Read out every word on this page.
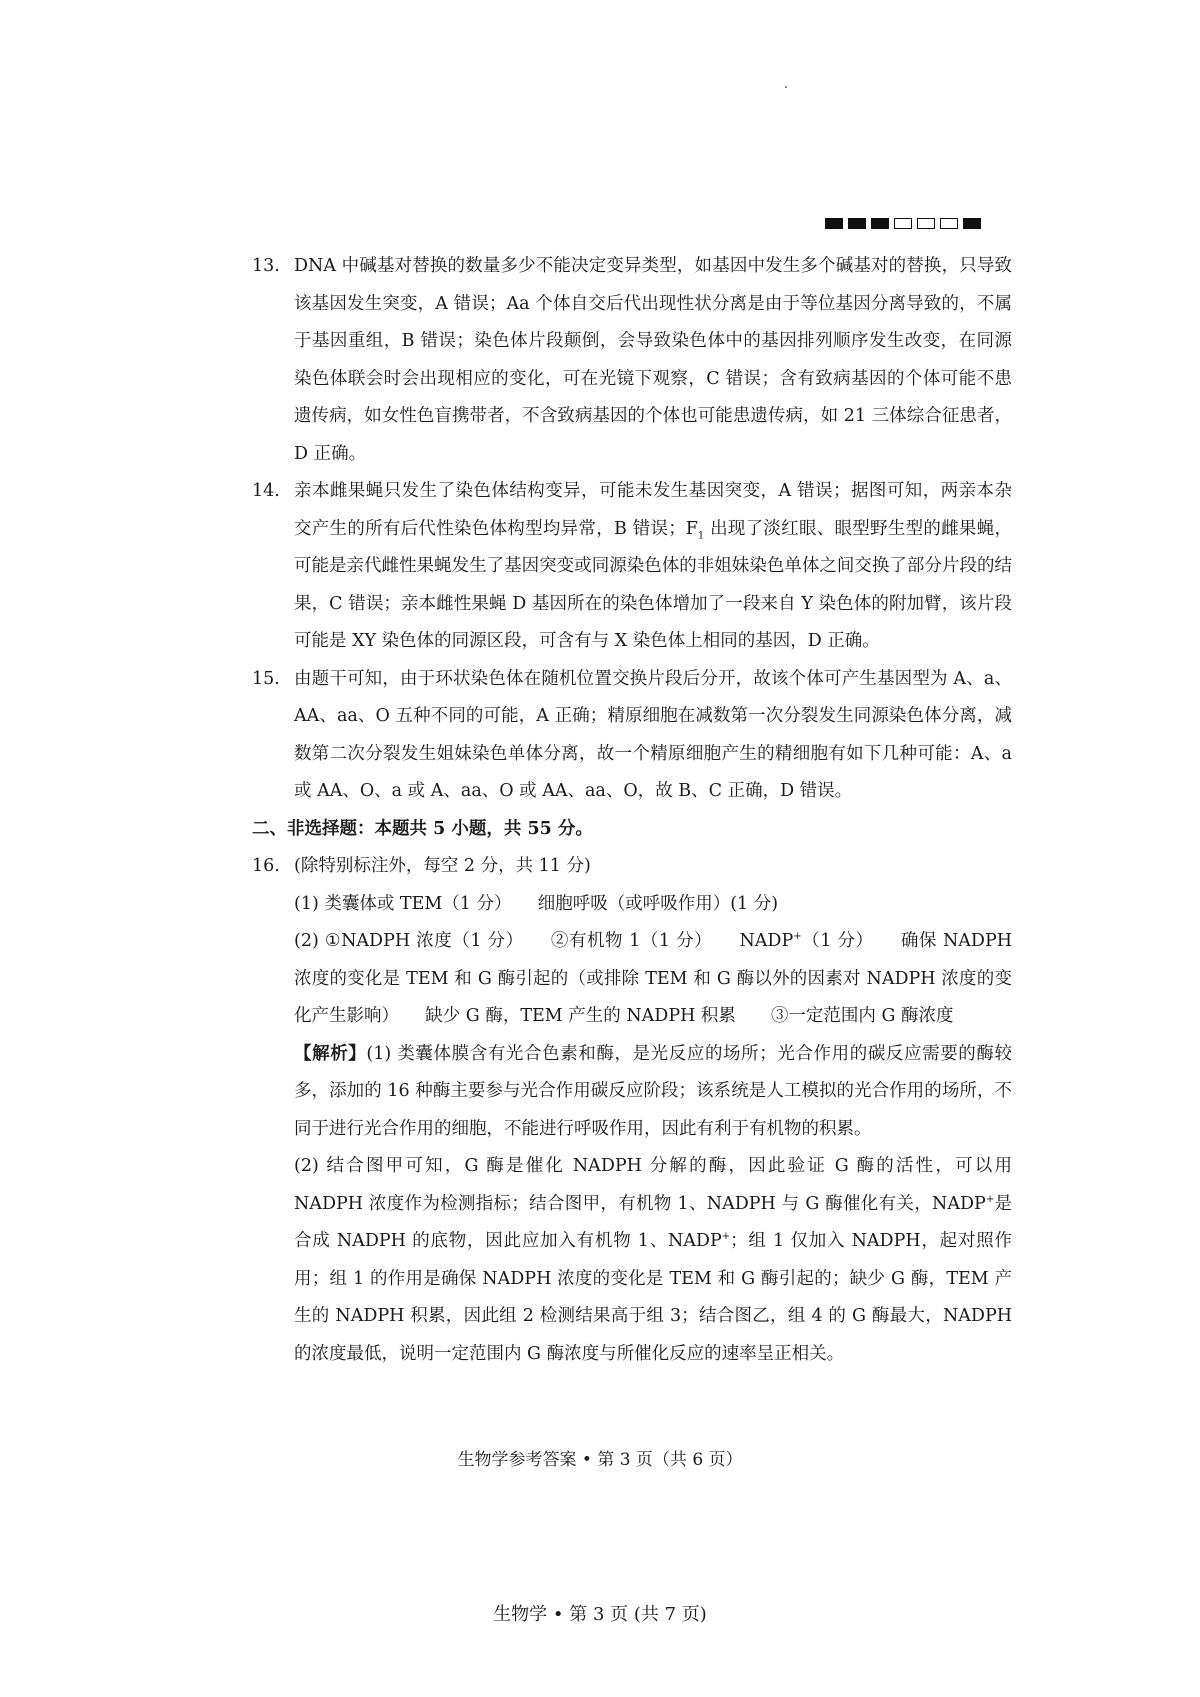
13. DNA 中碱基对替换的数量多少不能决定变异类型，如基因中发生多个碱基对的替换，只导致该基因发生突变，A 错误；Aa 个体自交后代出现性状分离是由于等位基因分离导致的，不属于基因重组，B 错误；染色体片段颠倒，会导致染色体中的基因排列顺序发生改变，在同源染色体联会时会出现相应的变化，可在光镜下观察，C 错误；含有致病基因的个体可能不患遗传病，如女性色盲携带者，不含致病基因的个体也可能患遗传病，如 21 三体综合征患者，D 正确。
14. 亲本雌果蝇只发生了染色体结构变异，可能未发生基因突变，A 错误；据图可知，两亲本杂交产生的所有后代性染色体构型均异常，B 错误；$F_1$ 出现了淡红眼、眼型野生型的雌果蝇，可能是亲代雌性果蝇发生了基因突变或同源染色体的非姐妹染色单体之间交换了部分片段的结果，C 错误；亲本雌性果蝇 D 基因所在的染色体增加了一段来自 Y 染色体的附加臂，该片段可能是 XY 染色体的同源区段，可含有与 X 染色体上相同的基因，D 正确。
15. 由题干可知，由于环状染色体在随机位置交换片段后分开，故该个体可产生基因型为 A、a、AA、aa、O 五种不同的可能，A 正确；精原细胞在减数第一次分裂发生同源染色体分离，减数第二次分裂发生姐妹染色单体分离，故一个精原细胞产生的精细胞有如下几种可能：A、a 或 AA、O、a 或 A、aa、O 或 AA、aa、O，故 B、C 正确，D 错误。
二、非选择题：本题共 5 小题，共 55 分。
16. (除特别标注外，每空 2 分，共 11 分)
(1) 类囊体或 TEM（1 分）　　细胞呼吸（或呼吸作用）(1 分)
(2) ①NADPH 浓度（1 分）　　②有机物 1（1 分）　　NADP+（1 分）　　确保 NADPH 浓度的变化是 TEM 和 G 酶引起的（或排除 TEM 和 G 酶以外的因素对 NADPH 浓度的变化产生影响）　　缺少 G 酶，TEM 产生的 NADPH 积累　　③一定范围内 G 酶浓度
【解析】(1) 类囊体膜含有光合色素和酶，是光反应的场所；光合作用的碳反应需要的酶较多，添加的 16 种酶主要参与光合作用碳反应阶段；该系统是人工模拟的光合作用的场所，不同于进行光合作用的细胞，不能进行呼吸作用，因此有利于有机物的积累。
(2) 结合图甲可知，G 酶是催化 NADPH 分解的酶，因此验证 G 酶的活性，可以用 NADPH 浓度作为检测指标；结合图甲，有机物 1、NADPH 与 G 酶催化有关，NADP+是合成 NADPH 的底物，因此应加入有机物 1、NADP+；组 1 仅加入 NADPH，起对照作用；组 1 的作用是确保 NADPH 浓度的变化是 TEM 和 G 酶引起的；缺少 G 酶，TEM 产生的 NADPH 积累，因此组 2 检测结果高于组 3；结合图乙，组 4 的 G 酶最大，NADPH 的浓度最低，说明一定范围内 G 酶浓度与所催化反应的速率呈正相关。
生物学参考答案 • 第 3 页（共 6 页）
生物学 • 第 3 页 (共 7 页)
